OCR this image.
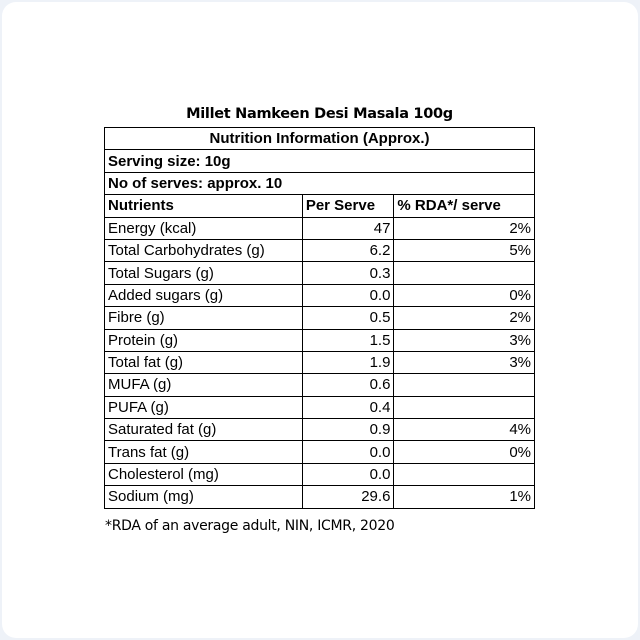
Millet Namkeen Desi Masala 100g
Nutrition Information (Approx.)		
Serving size: 10g		
No of serves: approx. 10		
Nutrients	Per Serve	% RDA*/ serve
Energy (kcal)	47	2%
Total Carbohydrates (g)	6.2	5%
Total Sugars (g)	0.3	
Added sugars (g)	0.0	0%
Fibre (g)	0.5	2%
Protein (g)	1.5	3%
Total fat (g)	1.9	3%
MUFA (g)	0.6	
PUFA (g)	0.4	
Saturated fat (g)	0.9	4%
Trans fat (g)	0.0	0%
Cholesterol (mg)	0.0	
Sodium (mg)	29.6	1%
*RDA of an average adult, NIN, ICMR, 2020
